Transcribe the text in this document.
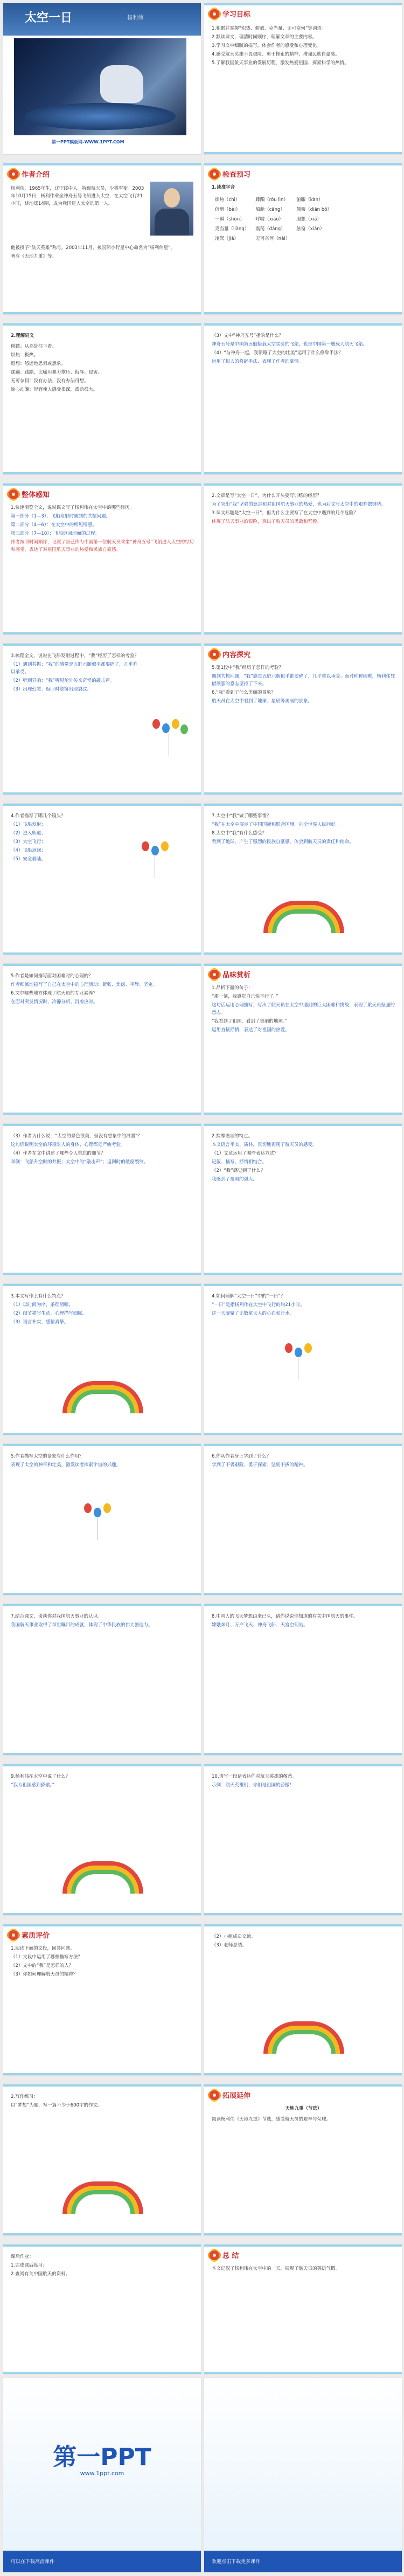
太空一日	杨利伟
第一PPT模板网-WWW.1PPT.COM
学习目标

1.积累并掌握“炽热、俯瞰、克当量、无可奈何”等词语。

2.默读课文，理清时间顺序，理解文章的主要内容。

3.学习文中细腻的描写，体会作者的感受和心理变化。

4.感受航天英雄不畏艰险、勇于探索的精神，增强民族自豪感。

5.了解我国航天事业的发展历程，激发热爱祖国、探索科学的热情。

作者介绍

杨利伟，1965年生，辽宁绥中人。特级航天员，少将军衔。2003年10月15日，杨利伟乘坐神舟五号飞船进入太空，在太空飞行21小时，绕地球14圈，成为我国进入太空的第一人。

他被授予“航天英雄”称号。2003年11月，被国际小行星中心命名为“杨利伟星”。

著有《天地九重》等。

检查预习
1.读准字音
炽热（chì）	蹂躏（róu lìn）	俯瞰（kàn）
倍增（bèi）	船舱（cāng）	颠簸（diān bǒ）
一瞬（shùn）	呼啸（xiào）	遐想（xiá）
克当量（liàng）	震荡（dàng）	舷窗（xián）
凌驾（jià）	无可奈何（nài）	
2.理解词义

俯瞰：从高处往下看。

炽热：极热。

遐想：悠远地思索或想象。

蹂躏：践踏，比喻用暴力欺压、侮辱、侵害。

无可奈何：没有办法，没有办法可想。

惊心动魄：形容使人感受很深，震动很大。

（3）文中“神舟五号”指的是什么？

神舟五号是中国第五艘搭载太空实验的飞船，也是中国第一艘载人航天飞船。

（4）“与神舟一起，我领略了太空的壮美”运用了什么修辞手法？

运用了拟人的修辞手法，表现了作者的豪情。

整体感知

1.快速浏览全文，说说课文写了杨利伟在太空中的哪些经历。

第一部分（1—3）：飞船发射时遇到的共振问题。

第二部分（4—6）：在太空中的所见所感。

第三部分（7—10）：飞船返回地面的过程。

作者按照时间顺序，记叙了自己作为中国第一位航天员乘坐“神舟五号”飞船进入太空的经历和感受，表达了对祖国航天事业的热爱和民族自豪感。

2.文章是写“太空一日”，为什么开头要写训练的经历？

为了突出“我”坚强的意志和对祖国航天事业的热爱，也为后文写太空中的艰难做铺垫。

3.课文标题是“太空一日”，但为什么主要写了在太空中遇到的几个危险？

体现了航天事业的艰险，突出了航天员的勇敢和坚毅。

3.梳理全文，说说在飞船发射过程中，“我”经历了怎样的考验？

（1）遇到共振：“我”的感觉是五脏六腑似乎都要碎了，几乎难以承受。

（2）听到异响：“我”听见舱外传来奇怪的敲击声。

（3）出现幻觉：返回时舷窗出现裂纹。

内容探究

5.第1段中“我”经历了怎样的考验？

遇到共振问题，“我”感觉五脏六腑似乎都要碎了，几乎难以承受。面对种种困难，杨利伟凭借顽强的意志坚持了下来。

6.“我”看到了什么美丽的景象？

航天员在太空中看到了地球、星辰等美丽的景象。

4.作者描写了哪几个镜头？

（1）飞船发射；

（2）进入轨道；

（3）太空飞行；

（4）飞船返回；

（5）安全着陆。

7.太空中“我”做了哪些事情？

“我”在太空中展示了中国国旗和联合国旗，向全世界人民问好。

8.太空中“我”有什么感受？

看到了地球，产生了强烈的民族自豪感。体会到航天员的责任和使命。

5.作者是如何描写面对困难时的心理的？

作者细腻地描写了自己在太空中的心理活动：紧张、焦虑、平静、坚定。

6.文中哪些地方体现了航天员的专业素养？

在面对突发情况时，冷静分析、沉着应对。

品味赏析

1.品析下面的句子：

“那一刻，我感觉自己快不行了。”

这句话运用心理描写，写出了航天员在太空中遇到的巨大困难和挑战，表现了航天员坚强的意志。

“我看到了祖国，看到了美丽的地球。”

运用直接抒情，表达了对祖国的热爱。

（3）作者为什么说：“太空的景色很美，但没有想象中的浪漫”？

这句话说明太空的环境对人的身体、心理都是严峻考验。

（4）作者在文中讲述了哪些令人难忘的细节？

举例：飞船升空时的共振；太空中的“敲击声”；返回时的舷窗裂纹。

2.揣摩语言的特点。

本文语言平实、质朴，真切地再现了航天员的感受。

（1）文章运用了哪些表达方式？

记叙、描写、抒情相结合。

（2）“我”感觉到了什么？

我感到了祖国的强大。

3.本文写作上有什么特点？

（1）以时间为序，条理清晰。

（2）细节描写生动，心理描写细腻。

（3）语言朴实，感情真挚。

4.如何理解“太空一日”中的“一日”？

“一日”是指杨利伟在太空中飞行的约21小时。

这一天凝聚了无数航天人的心血和汗水。

5.作者描写太空的景象有什么作用？

表现了太空的神奇和壮美，激发读者探索宇宙的兴趣。

6.你从作者身上学到了什么？

学到了不畏艰险、勇于探索、坚韧不拔的精神。

7.结合课文，谈谈你对我国航天事业的认识。

我国航天事业取得了举世瞩目的成就，体现了中华民族的伟大创造力。

8.中国人的飞天梦想由来已久，请你说说你知道的有关中国航天的事件。

嫦娥奔月、万户飞天、神舟飞船、天宫空间站。

9.杨利伟在太空中说了什么？

“我为祖国感到骄傲。”

10.请写一段话表达你对航天英雄的敬意。

示例：航天英雄们，你们是祖国的骄傲！

素质评价

1.阅读下面的文段，回答问题。

（1）文段中运用了哪些描写方法？

（2）文中的“我”是怎样的人？

（3）你如何理解航天员的精神？

（2）小组成员交流。

（3）老师总结。

2.写作练习：

以“梦想”为题，写一篇不少于600字的作文。

拓展延伸
天地九重（节选）

阅读杨利伟《天地九重》节选，感受航天员的艰辛与荣耀。

课后作业：

1.完成课后练习；

2.查阅有关中国航天的资料。

总 结

本文记叙了杨利伟在太空中的一天，展现了航天员的英雄气概。

第一PPT
www.1ppt.com
可以在下载高清课件	欢迎点击下载更多课件
